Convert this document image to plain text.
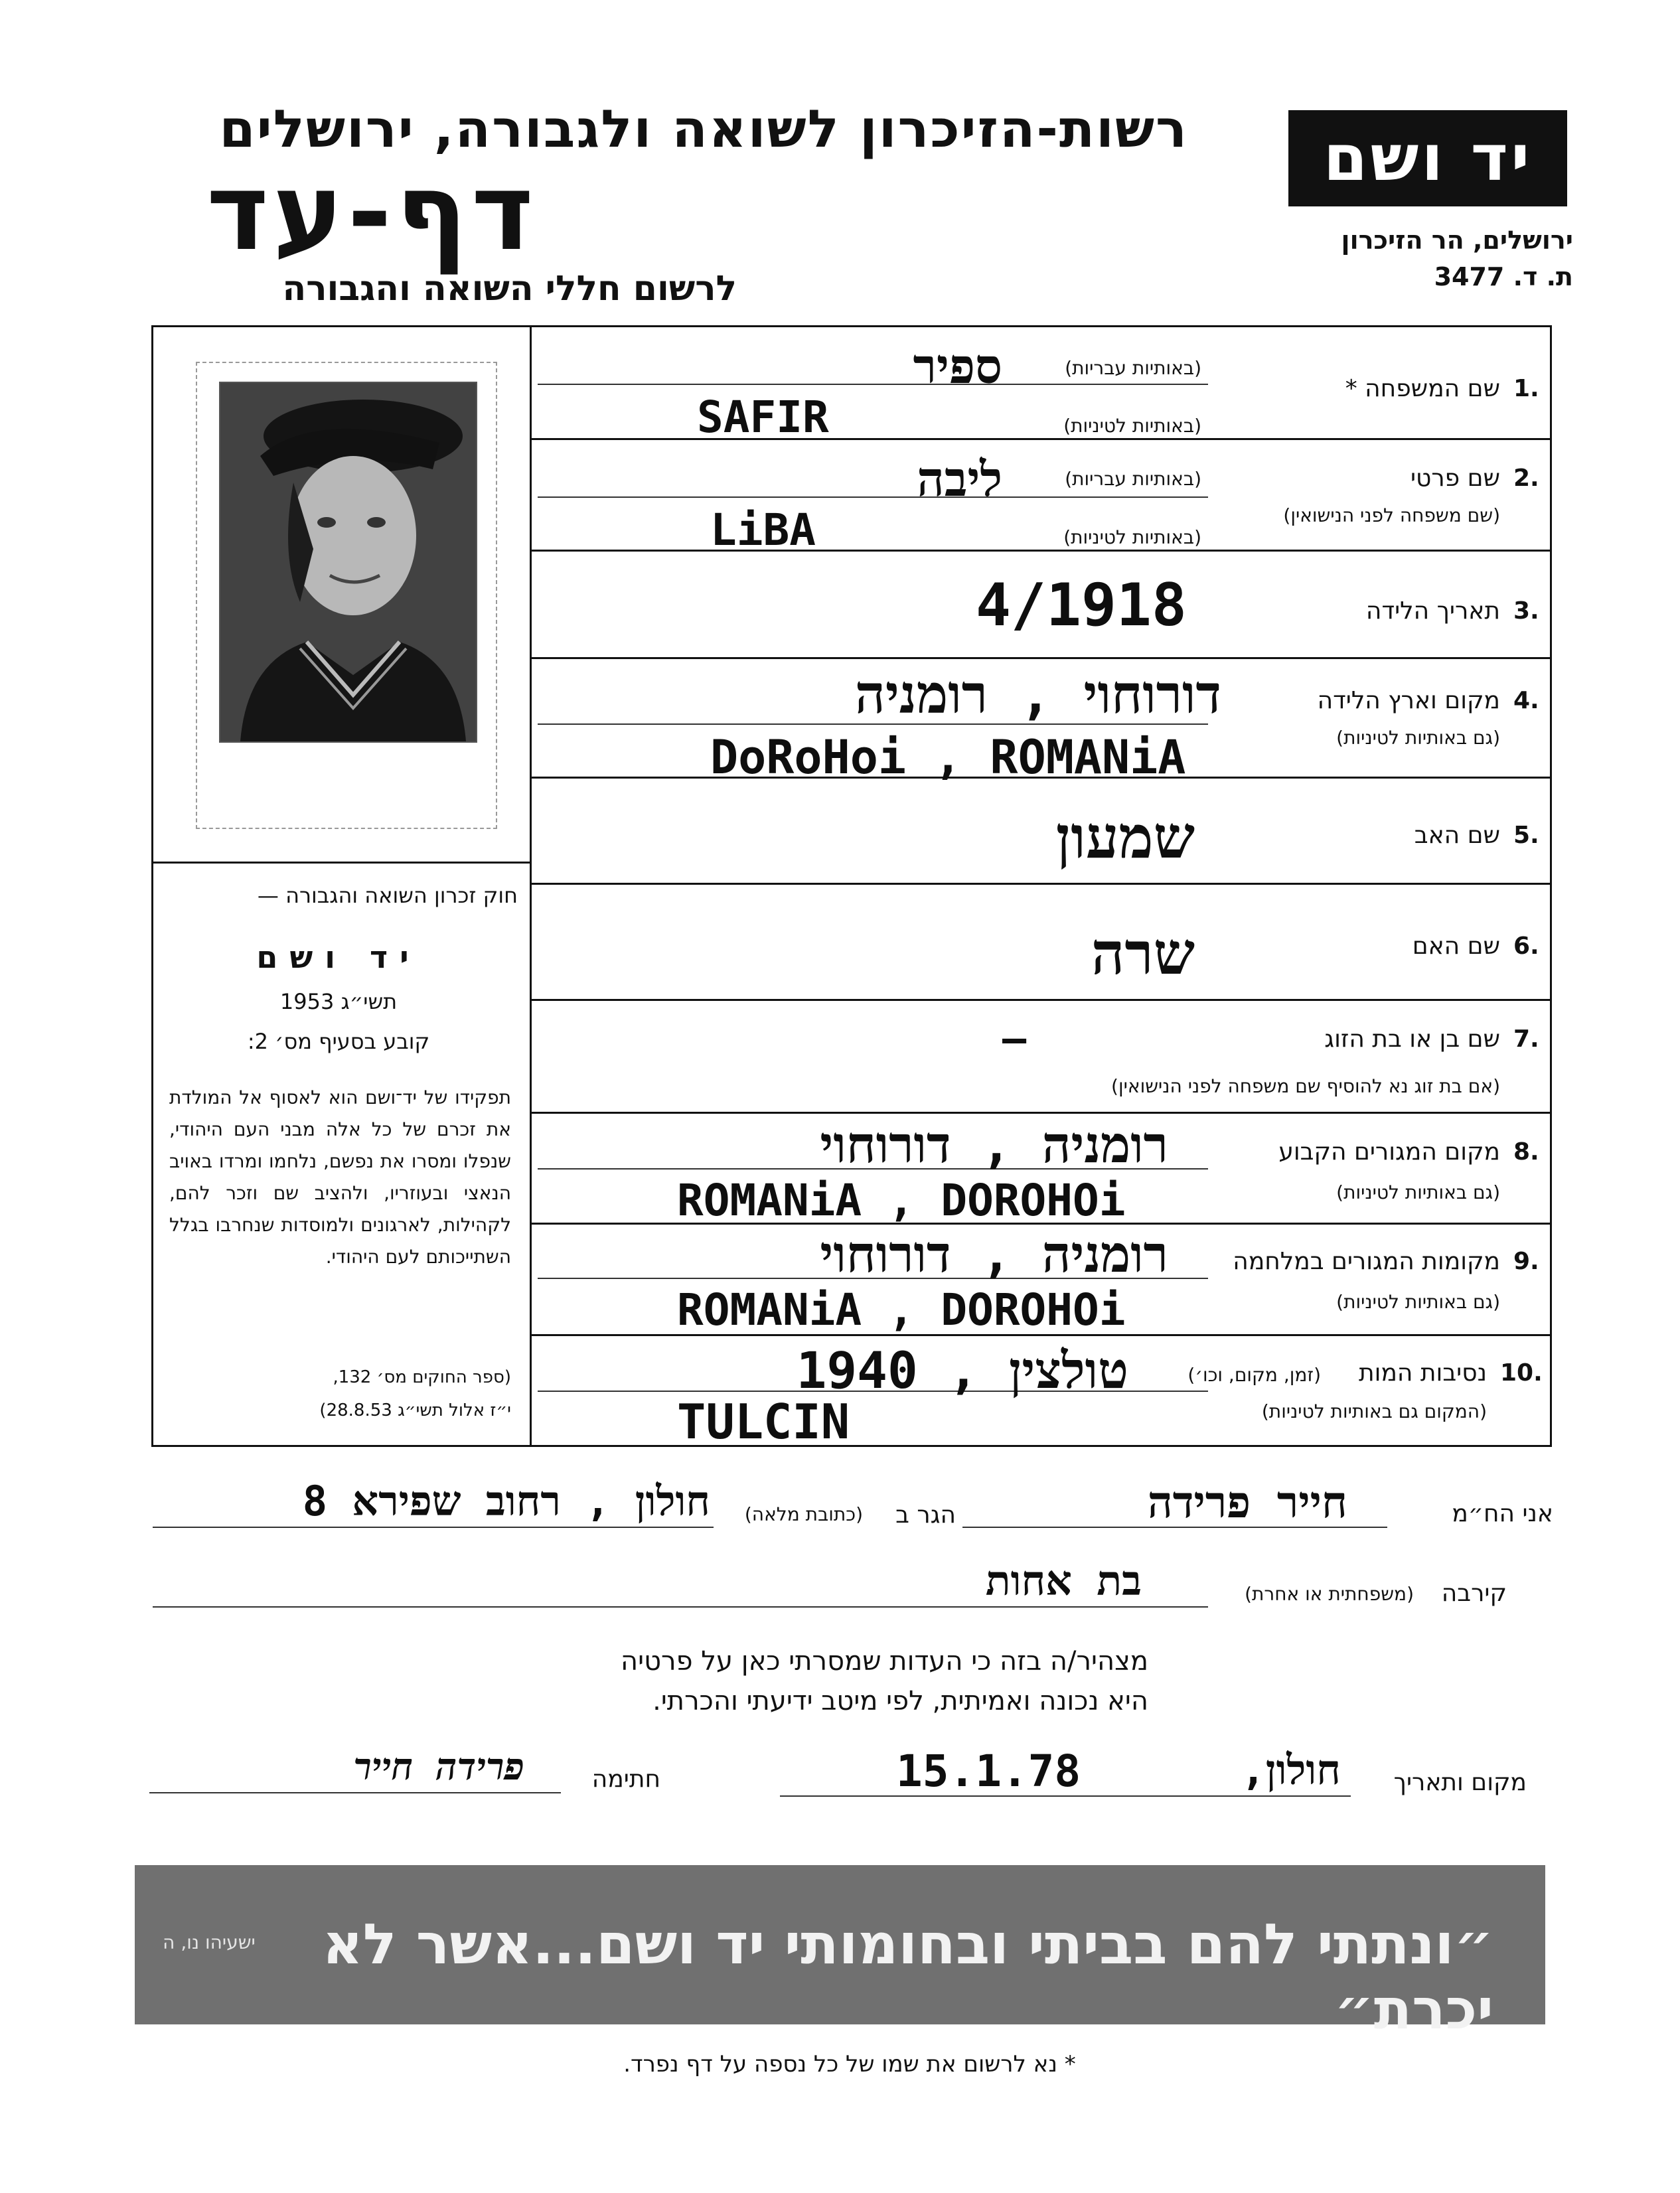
רשות-הזיכרון לשואה ולגבורה, ירושלים
דף-עד
לרשום חללי השואה והגבורה
יד ושם
ירושלים, הר הזיכרון
ת. ד. 3477
1.
שם המשפחה *
(באותיות עבריות)
(באותיות לטיניות)
ספיר
SAFIR
2.
שם פרטי
(שם משפחה לפני הנישואין)
(באותיות עבריות)
(באותיות לטיניות)
ליבה
LiBA
3.
תאריך הלידה
4/1918
4.
מקום וארץ הלידה
(גם באותיות לטיניות)
דורוחוי , רומניה
DoRoHoi , ROMANiA
5.
שם האב
שמעון
6.
שם האם
שרה
7.
שם בן או בת הזוג
(אם בת זוג נא להוסיף שם משפחה לפני הנישואין)
—
8.
מקום המגורים הקבוע
(גם באותיות לטיניות)
רומניה , דורוחוי
ROMANiA , DOROHOi
9.
מקומות המגורים במלחמה
(גם באותיות לטיניות)
רומניה , דורוחוי
ROMANiA , DOROHOi
10.
נסיבות המות
(זמן, מקום, וכו׳)
(המקום גם באותיות לטיניות)
טולצין , 1940
TULCIN
חוק זכרון השואה והגבורה —
יד ושם
תשי״ג 1953
קובע בסעיף מס׳ 2:
תפקידו של יד־ושם הוא לאסוף אל המולדת את זכרם של כל אלה מבני העם היהודי, שנפלו ומסרו את נפשם, נלחמו ומרדו באויב הנאצי ובעוזריו, ולהציב שם וזכר להם, לקהילות, לארגונים ולמוסדות שנחרבו בגלל השתייכותם לעם היהודי.
(ספר החוקים מס׳ 132,
י״ז אלול תשי״ג 28.8.53)
אני הח״מ
חייר פרידה
הגר ב
(כתובת מלאה)
חולון , רחוב שפירא 8
קירבה
(משפחתית או אחרת)
בת אחות
מצהיר/ה בזה כי העדות שמסרתי כאן על פרטיה
היא נכונה ואמיתית, לפי מיטב ידיעתי והכרתי.
מקום ותאריך
חולון,
15.1.78
חתימה
פרידה חייר
״ונתתי להם בביתי ובחומותי יד ושם...אשר לא יכרת״
ישעיהו נו, ה
* נא לרשום את שמו של כל נספה על דף נפרד.
